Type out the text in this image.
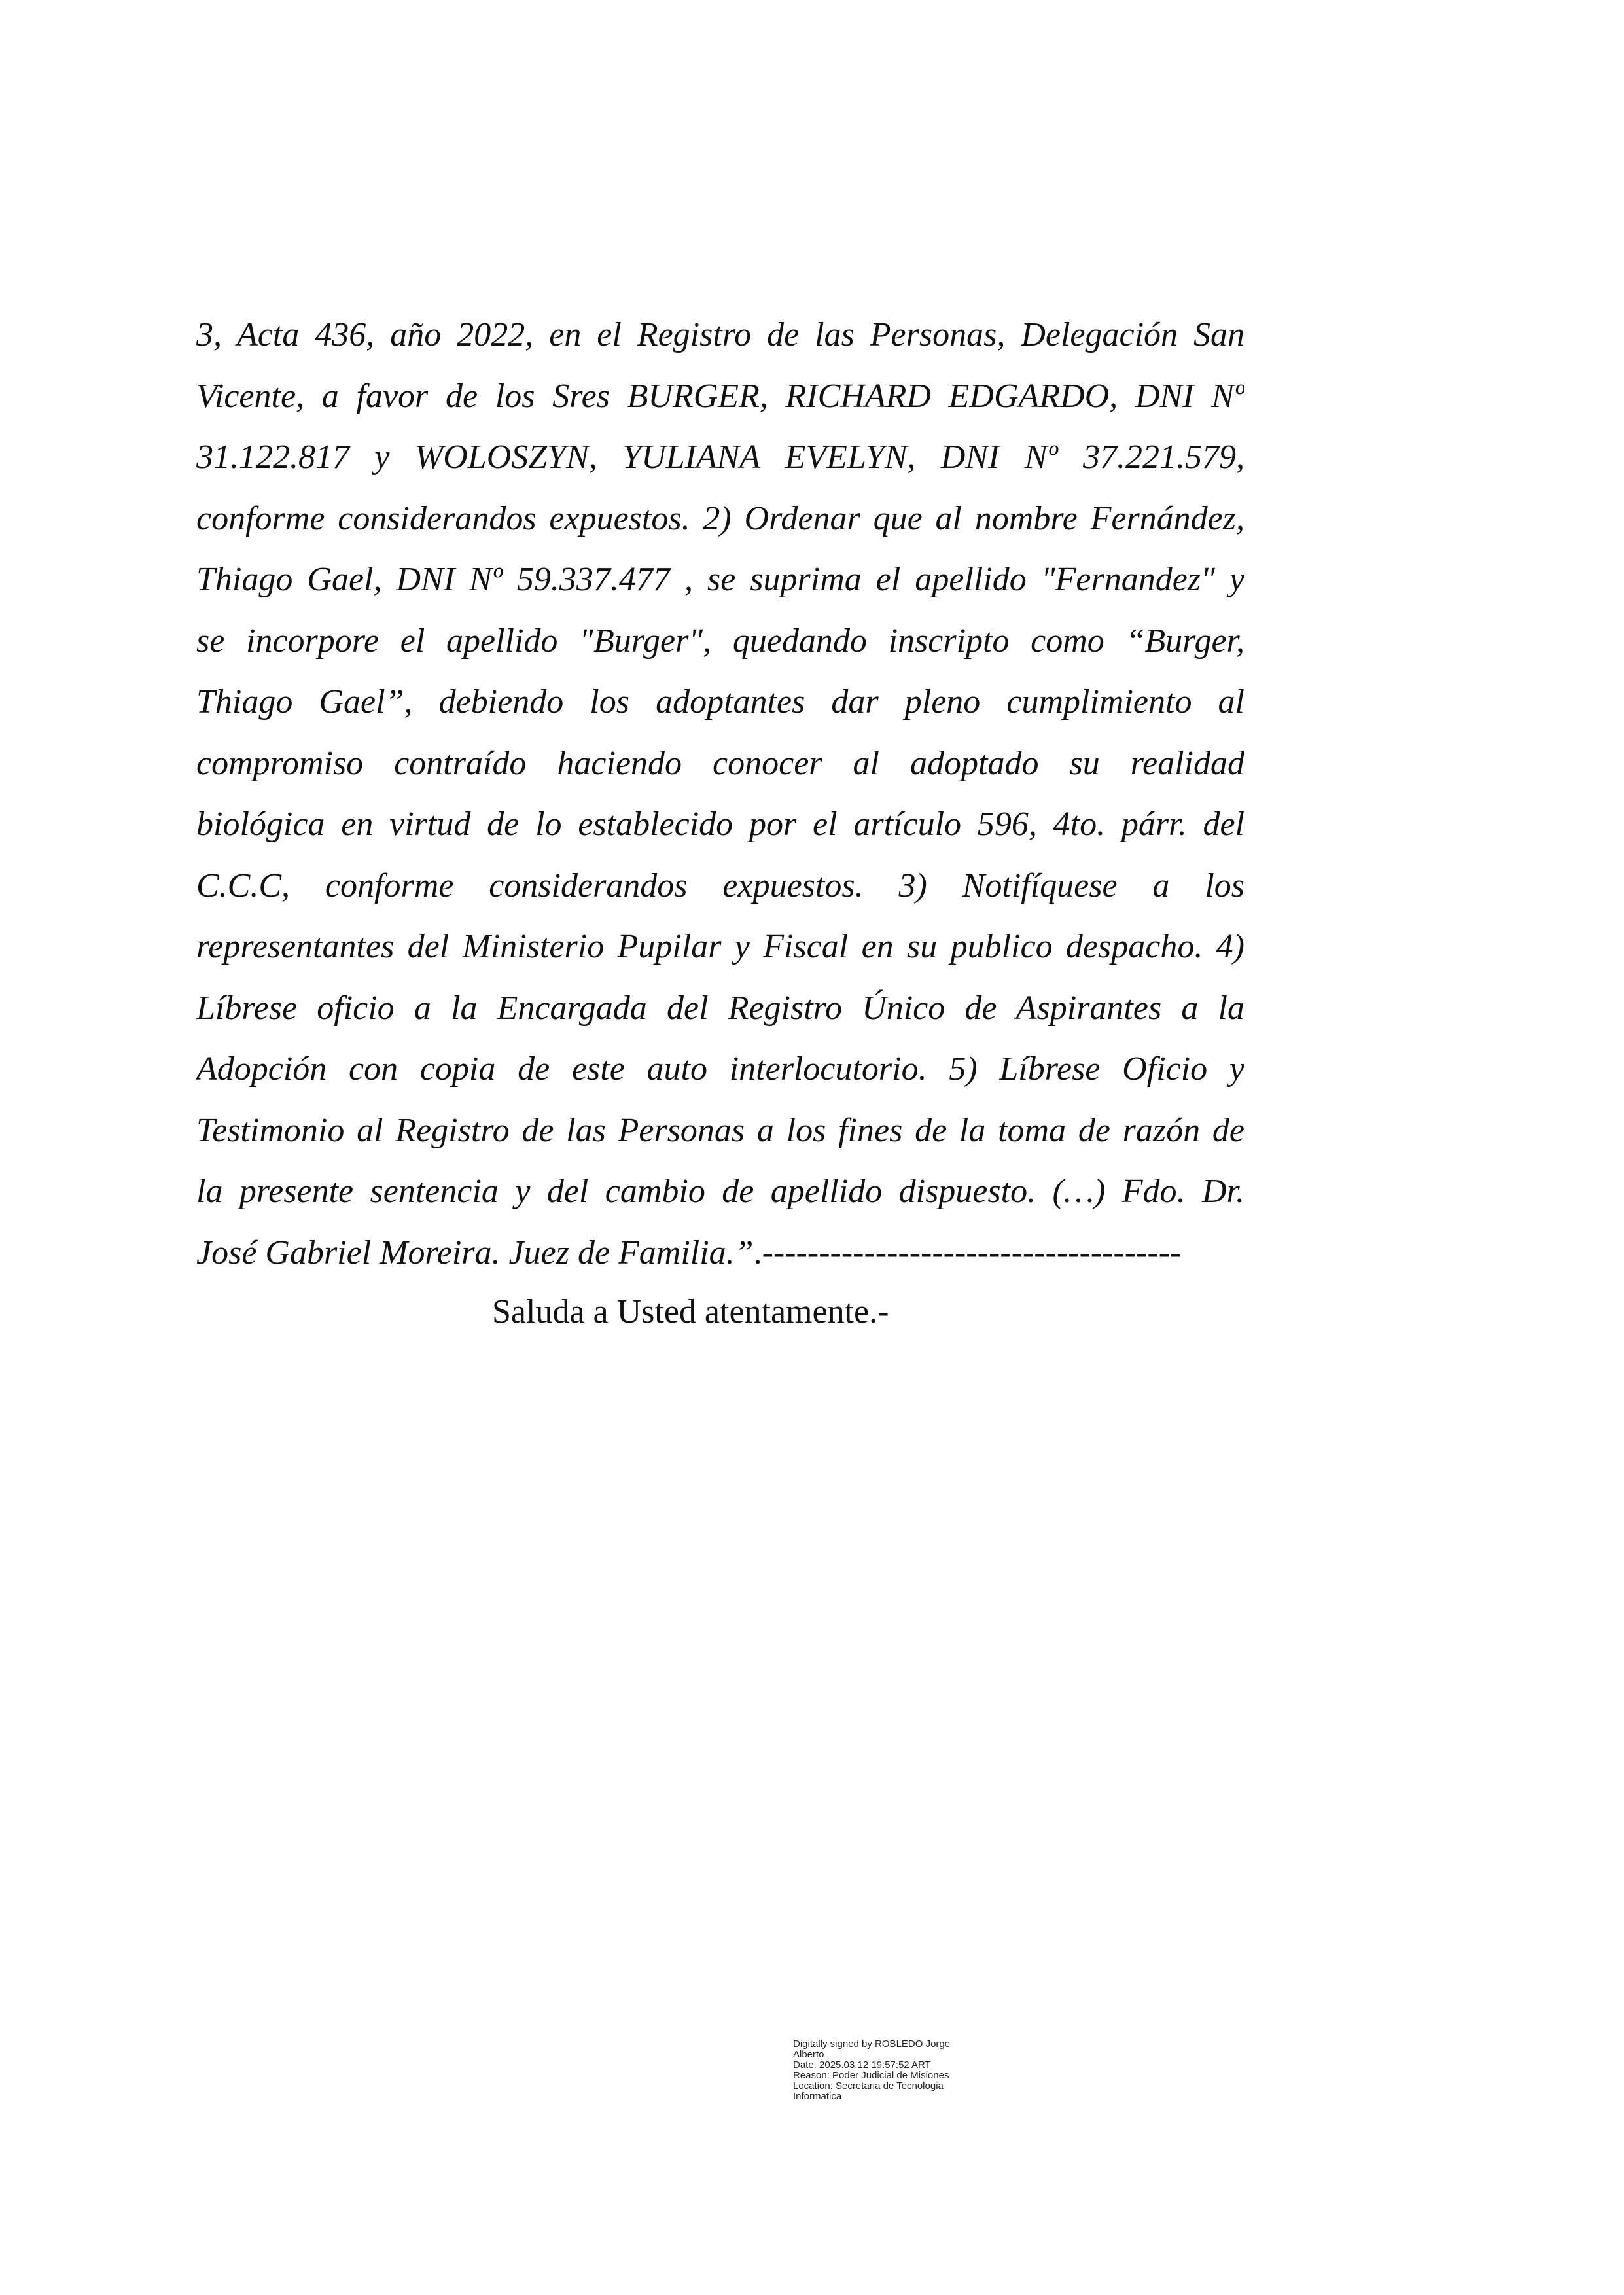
3, Acta 436, año 2022, en el Registro de las Personas, Delegación San
Vicente, a favor de los Sres BURGER, RICHARD EDGARDO, DNI Nº
31.122.817 y WOLOSZYN, YULIANA EVELYN, DNI Nº 37.221.579,
conforme considerandos expuestos. 2) Ordenar que al nombre Fernández,
Thiago Gael, DNI Nº 59.337.477 , se suprima el apellido "Fernandez" y
se incorpore el apellido "Burger", quedando inscripto como “Burger,
Thiago Gael”, debiendo los adoptantes dar pleno cumplimiento al
compromiso contraído haciendo conocer al adoptado su realidad
biológica en virtud de lo establecido por el artículo 596, 4to. párr. del
C.C.C, conforme considerandos expuestos. 3) Notifíquese a los
representantes del Ministerio Pupilar y Fiscal en su publico despacho. 4)
Líbrese oficio a la Encargada del Registro Único de Aspirantes a la
Adopción con copia de este auto interlocutorio. 5) Líbrese Oficio y
Testimonio al Registro de las Personas a los fines de la toma de razón de
la presente sentencia y del cambio de apellido dispuesto. (…) Fdo. Dr.
José Gabriel Moreira. Juez de Familia.”.-------------------------------------

Saluda a Usted atentamente.-

Digitally signed by ROBLEDO Jorge
Alberto
Date: 2025.03.12 19:57:52 ART
Reason: Poder Judicial de Misiones
Location: Secretaria de Tecnologia
Informatica
